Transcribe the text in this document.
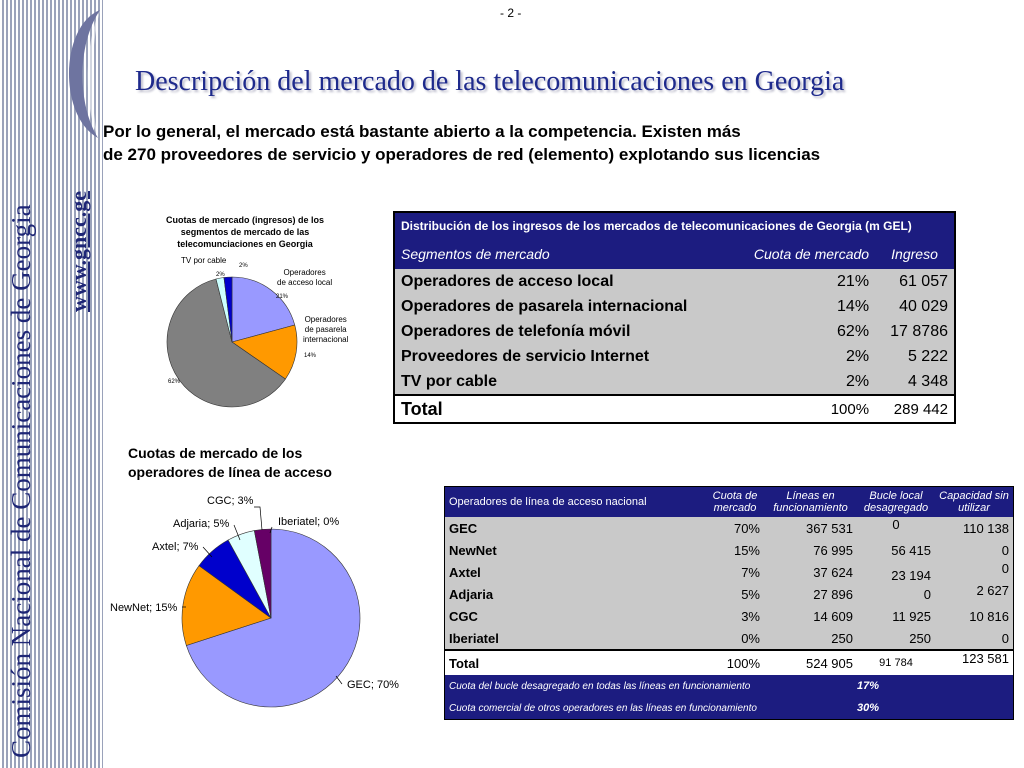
Comisión Nacional de Comunicaciones de Georgia www.gncc.ge
- 2 -
Descripción del mercado de las telecomunicaciones en Georgia
Por lo general, el mercado está bastante abierto a la competencia. Existen más
de 270 proveedores de servicio y operadores de red (elemento) explotando sus licencias
Cuotas de mercado (ingresos) de los
segmentos de mercado de las
telecomunciaciones en Georgia
TV por cable
2%
2%	Operadores
de acceso local
21%
Operadores
de pasarela
internacional
14%
62%
Distribución de los ingresos de los mercados de telecomunicaciones de Georgia (m GEL)		
Segmentos de mercado	Cuota de mercado	Ingreso
Operadores de acceso local	21%	61 057
Operadores de pasarela internacional	14%	40 029
Operadores de telefonía móvil	62%	17 8786
Proveedores de servicio Internet	2%	5 222
TV por cable	2%	4 348
Total	100%	289 442
Cuotas de mercado de los
operadores de línea de acceso
CGC; 3%
Iberiatel; 0%
Adjaria; 5%
Axtel; 7%
NewNet; 15%
GEC; 70%
Operadores de línea de acceso nacional	Cuota de mercado	Líneas en funcionamiento	Bucle local desagregado	Capacidad sin utilizar
GEC	70%	367 531	0	110 138
NewNet	15%	76 995	56 415	0
Axtel	7%	37 624	23 194	0
Adjaria	5%	27 896	0	2 627
CGC	3%	14 609	11 925	10 816
Iberiatel	0%	250	250	0
Total	100%	524 905	91 784	123 581
Cuota del bucle desagregado en todas las líneas en funcionamiento			17%	
Cuota comercial de otros operadores en las líneas en funcionamiento			30%	
